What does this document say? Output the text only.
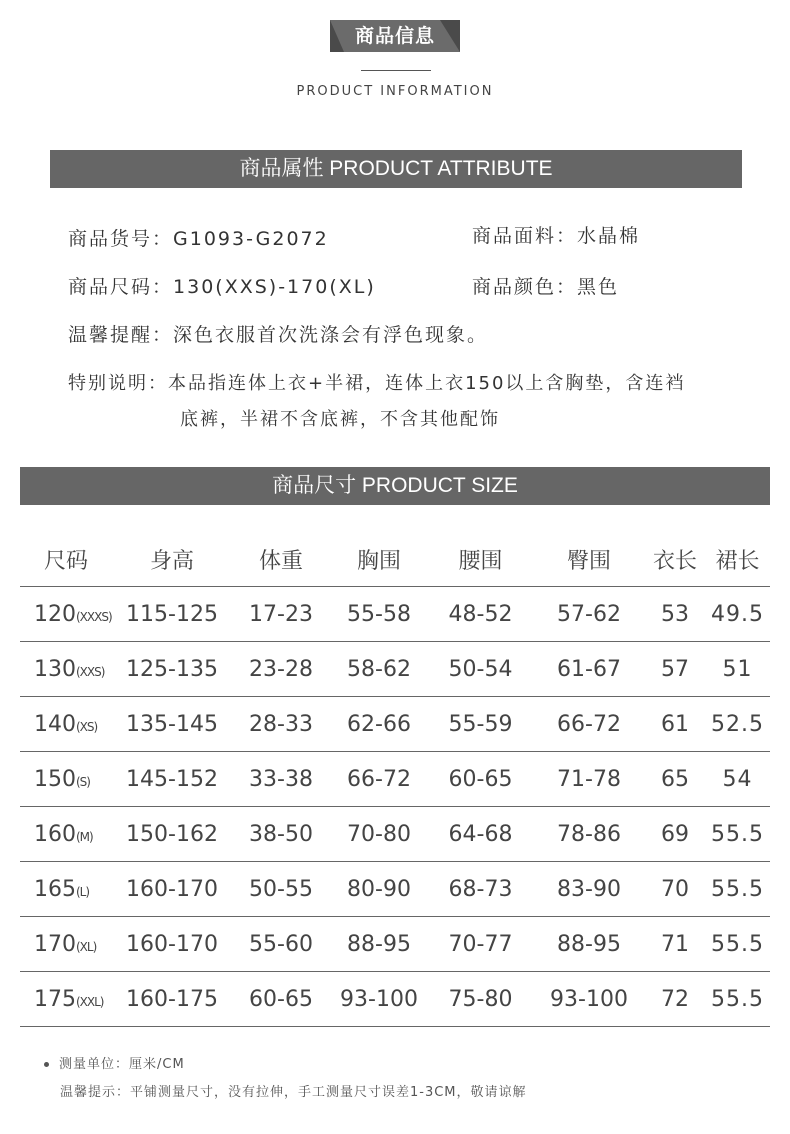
商品信息
PRODUCT INFORMATION
商品属性 PRODUCT ATTRIBUTE
商品货号：G1093-G2072	商品面料：水晶棉
商品尺码：130(XXS)-170(XL)	商品颜色：黑色
温馨提醒：深色衣服首次洗涤会有浮色现象。
特别说明：本品指连体上衣+半裙，连体上衣150以上含胸垫，含连裆
底裤，半裙不含底裤，不含其他配饰
商品尺寸 PRODUCT SIZE
尺码	身高	体重	胸围	腰围	臀围	衣长	裙长
120(XXXS)	115-125	17-23	55-58	48-52	57-62	53	49.5
130(XXS)	125-135	23-28	58-62	50-54	61-67	57	51
140(XS)	135-145	28-33	62-66	55-59	66-72	61	52.5
150(S)	145-152	33-38	66-72	60-65	71-78	65	54
160(M)	150-162	38-50	70-80	64-68	78-86	69	55.5
165(L)	160-170	50-55	80-90	68-73	83-90	70	55.5
170(XL)	160-170	55-60	88-95	70-77	88-95	71	55.5
175(XXL)	160-175	60-65	93-100	75-80	93-100	72	55.5
测量单位：厘米/CM
温馨提示：平铺测量尺寸，没有拉伸，手工测量尺寸误差1-3CM，敬请谅解
